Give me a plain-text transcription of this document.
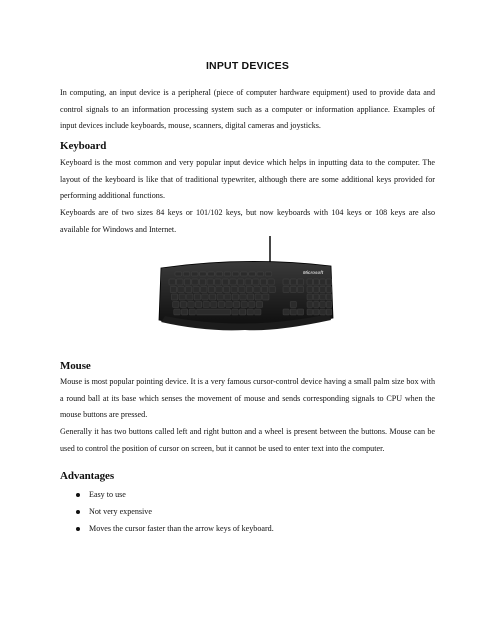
INPUT DEVICES

In computing, an input device is a peripheral (piece of computer hardware equipment) used to provide data and control signals to an information processing system such as a computer or information appliance. Examples of input devices include keyboards, mouse, scanners, digital cameras and joysticks.

Keyboard

Keyboard is the most common and very popular input device which helps in inputting data to the computer. The layout of the keyboard is like that of traditional typewriter, although there are some additional keys provided for performing additional functions.

Keyboards are of two sizes 84 keys or 101/102 keys, but now keyboards with 104 keys or 108 keys are also available for Windows and Internet.

Microsoft
Mouse

Mouse is most popular pointing device. It is a very famous cursor-control device having a small palm size box with a round ball at its base which senses the movement of mouse and sends corresponding signals to CPU when the mouse buttons are pressed.

Generally it has two buttons called left and right button and a wheel is present between the buttons. Mouse can be used to control the position of cursor on screen, but it cannot be used to enter text into the computer.

Advantages
Easy to use
Not very expensive
Moves the cursor faster than the arrow keys of keyboard.
